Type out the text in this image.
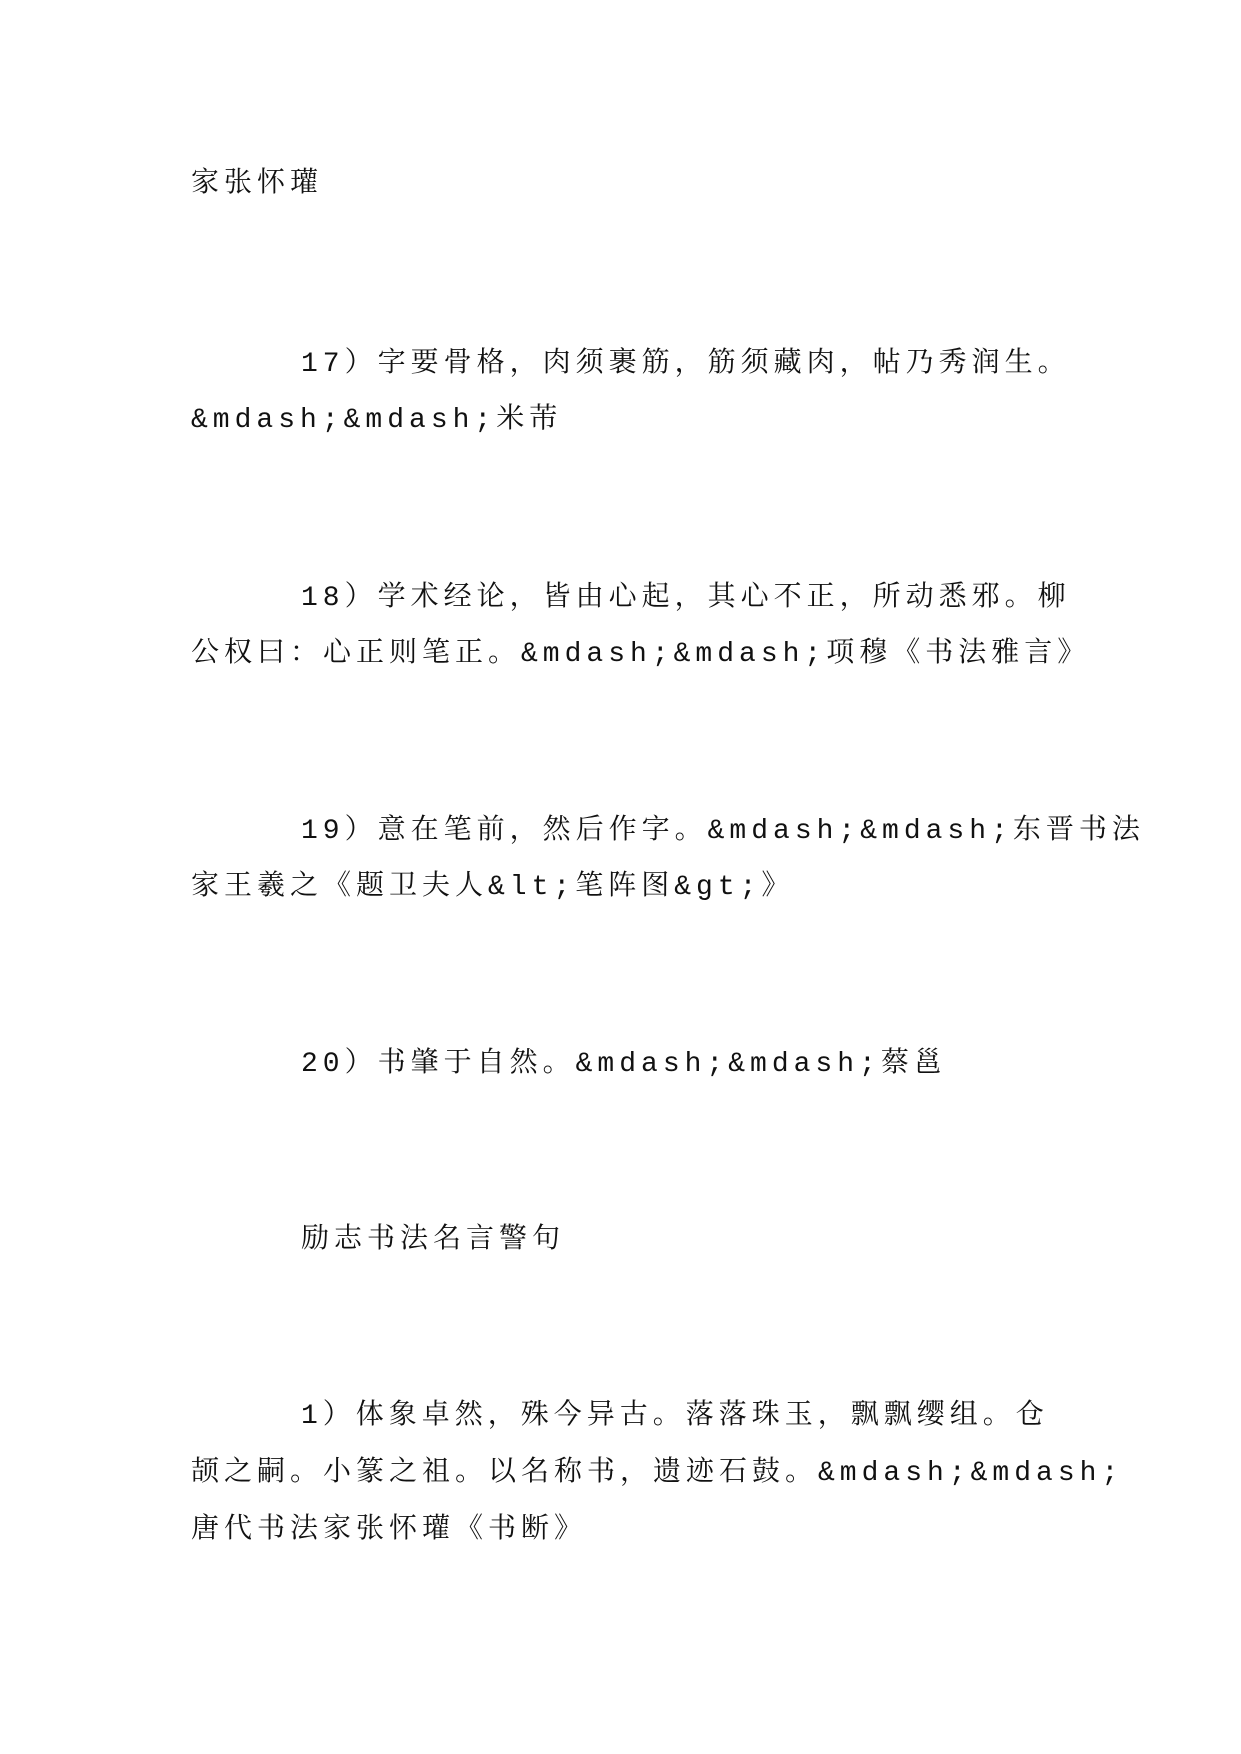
家张怀瓘
17）字要骨格，肉须裹筋，筋须藏肉，帖乃秀润生。
&mdash;&mdash;米芾
18）学术经论，皆由心起，其心不正，所动悉邪。柳
公权曰：心正则笔正。&mdash;&mdash;项穆《书法雅言》
19）意在笔前，然后作字。&mdash;&mdash;东晋书法
家王羲之《题卫夫人&lt;笔阵图&gt;》
20）书肇于自然。&mdash;&mdash;蔡邕
励志书法名言警句
1）体象卓然，殊今异古。落落珠玉，飘飘缨组。仓
颉之嗣。小篆之祖。以名称书，遗迹石鼓。&mdash;&mdash;
唐代书法家张怀瓘《书断》
